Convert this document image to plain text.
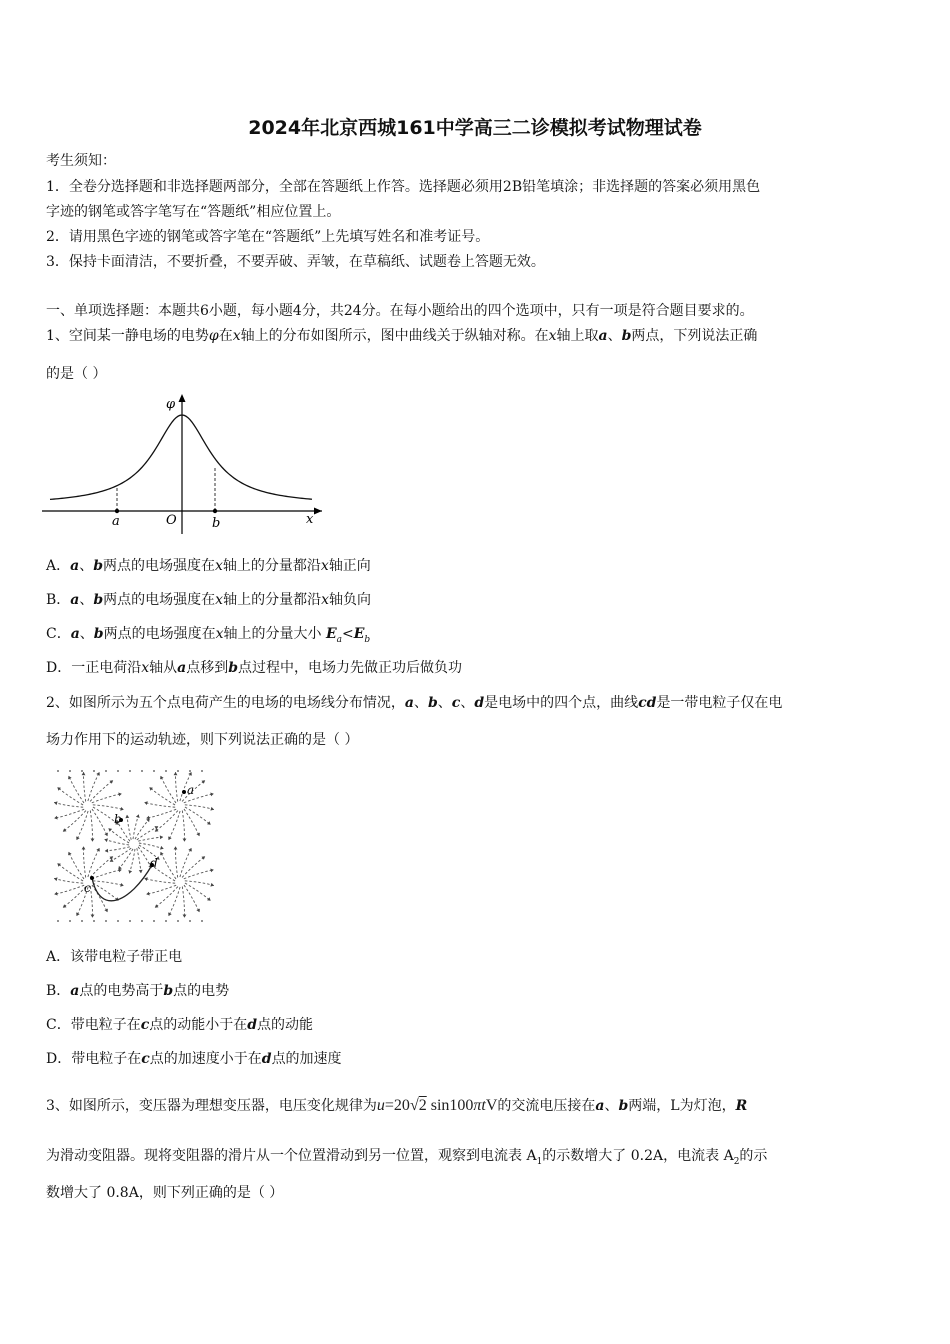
2024年北京西城161中学高三二诊模拟考试物理试卷
考生须知：
1．全卷分选择题和非选择题两部分，全部在答题纸上作答。选择题必须用2B铅笔填涂；非选择题的答案必须用黑色
字迹的钢笔或答字笔写在“答题纸”相应位置上。
2．请用黑色字迹的钢笔或答字笔在“答题纸”上先填写姓名和准考证号。
3．保持卡面清洁，不要折叠，不要弄破、弄皱，在草稿纸、试题卷上答题无效。
一、单项选择题：本题共6小题，每小题4分，共24分。在每小题给出的四个选项中，只有一项是符合题目要求的。
1、空间某一静电场的电势φ在x轴上的分布如图所示，图中曲线关于纵轴对称。在x轴上取a、b两点，下列说法正确
的是（ ）
φ
x
O
a	b
A．a、b两点的电场强度在x轴上的分量都沿x轴正向
B．a、b两点的电场强度在x轴上的分量都沿x轴负向
C．a、b两点的电场强度在x轴上的分量大小 $E_a<E_b$
D．一正电荷沿x轴从a点移到b点过程中，电场力先做正功后做负功
2、如图所示为五个点电荷产生的电场的电场线分布情况，a、b、c、d是电场中的四个点，曲线cd是一带电粒子仅在电
场力作用下的运动轨迹，则下列说法正确的是（ ）
a
b
c
d
A．该带电粒子带正电
B．a点的电势高于b点的电势
C．带电粒子在c点的动能小于在d点的动能
D．带电粒子在c点的加速度小于在d点的加速度
3、如图所示，变压器为理想变压器，电压变化规律为u=20√2 sin100πtV的交流电压接在a、b两端，L为灯泡，R
为滑动变阻器。现将变阻器的滑片从一个位置滑动到另一位置，观察到电流表 $A_1$的示数增大了 0.2A，电流表 $A_2$的示
数增大了 0.8A，则下列正确的是（ ）
